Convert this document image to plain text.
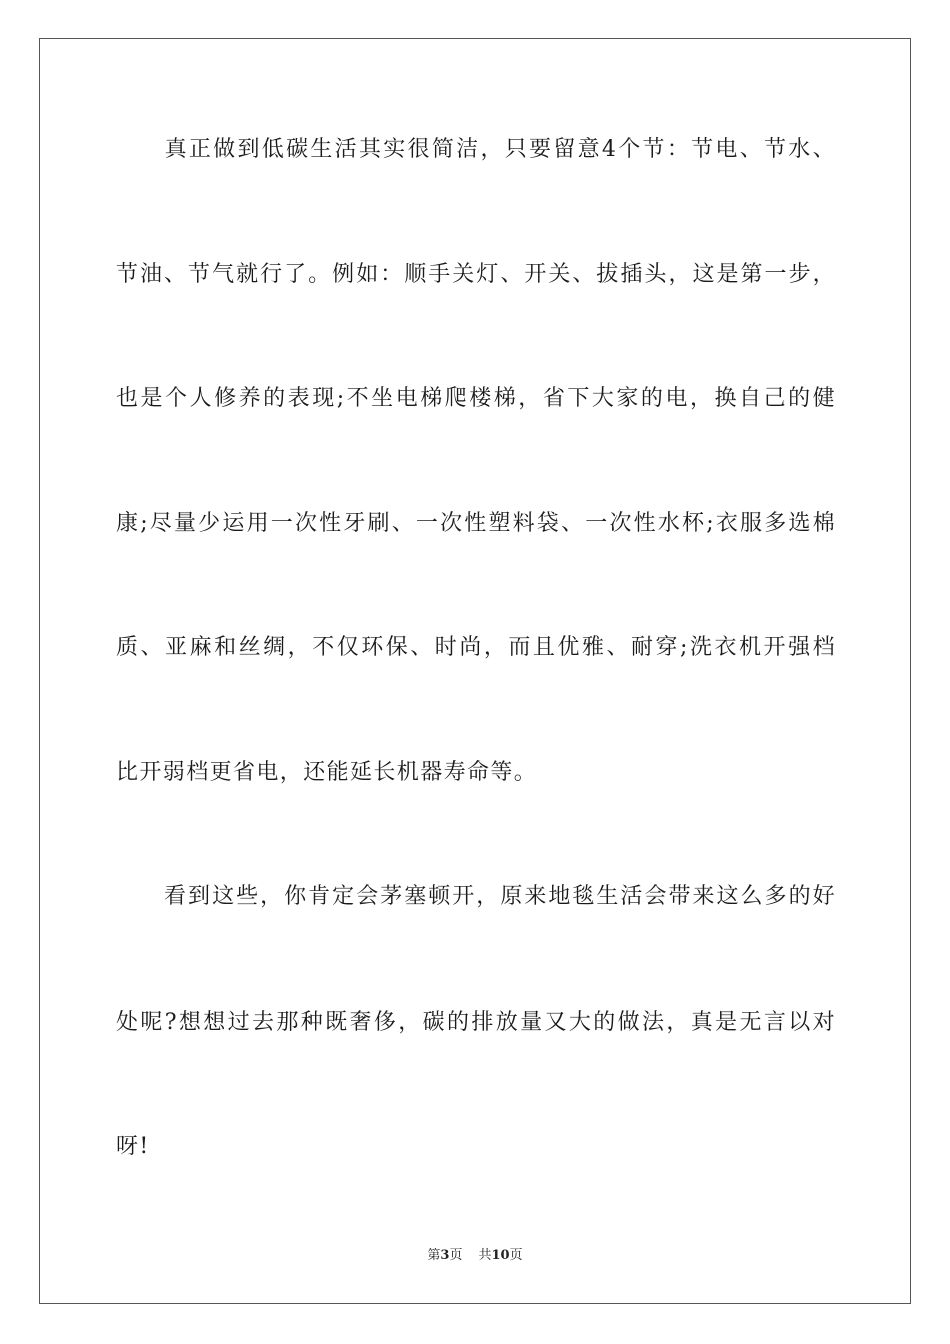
　　真正做到低碳生活其实很简洁，只要留意4个节：节电、节水、
节油、节气就行了。例如：顺手关灯、开关、拔插头，这是第一步，
也是个人修养的表现;不坐电梯爬楼梯，省下大家的电，换自己的健
康;尽量少运用一次性牙刷、一次性塑料袋、一次性水杯;衣服多选棉
质、亚麻和丝绸，不仅环保、时尚，而且优雅、耐穿;洗衣机开强档
比开弱档更省电，还能延长机器寿命等。
　　看到这些，你肯定会茅塞顿开，原来地毯生活会带来这么多的好
处呢?想想过去那种既奢侈，碳的排放量又大的做法，真是无言以对
呀!
第3页 共10页
